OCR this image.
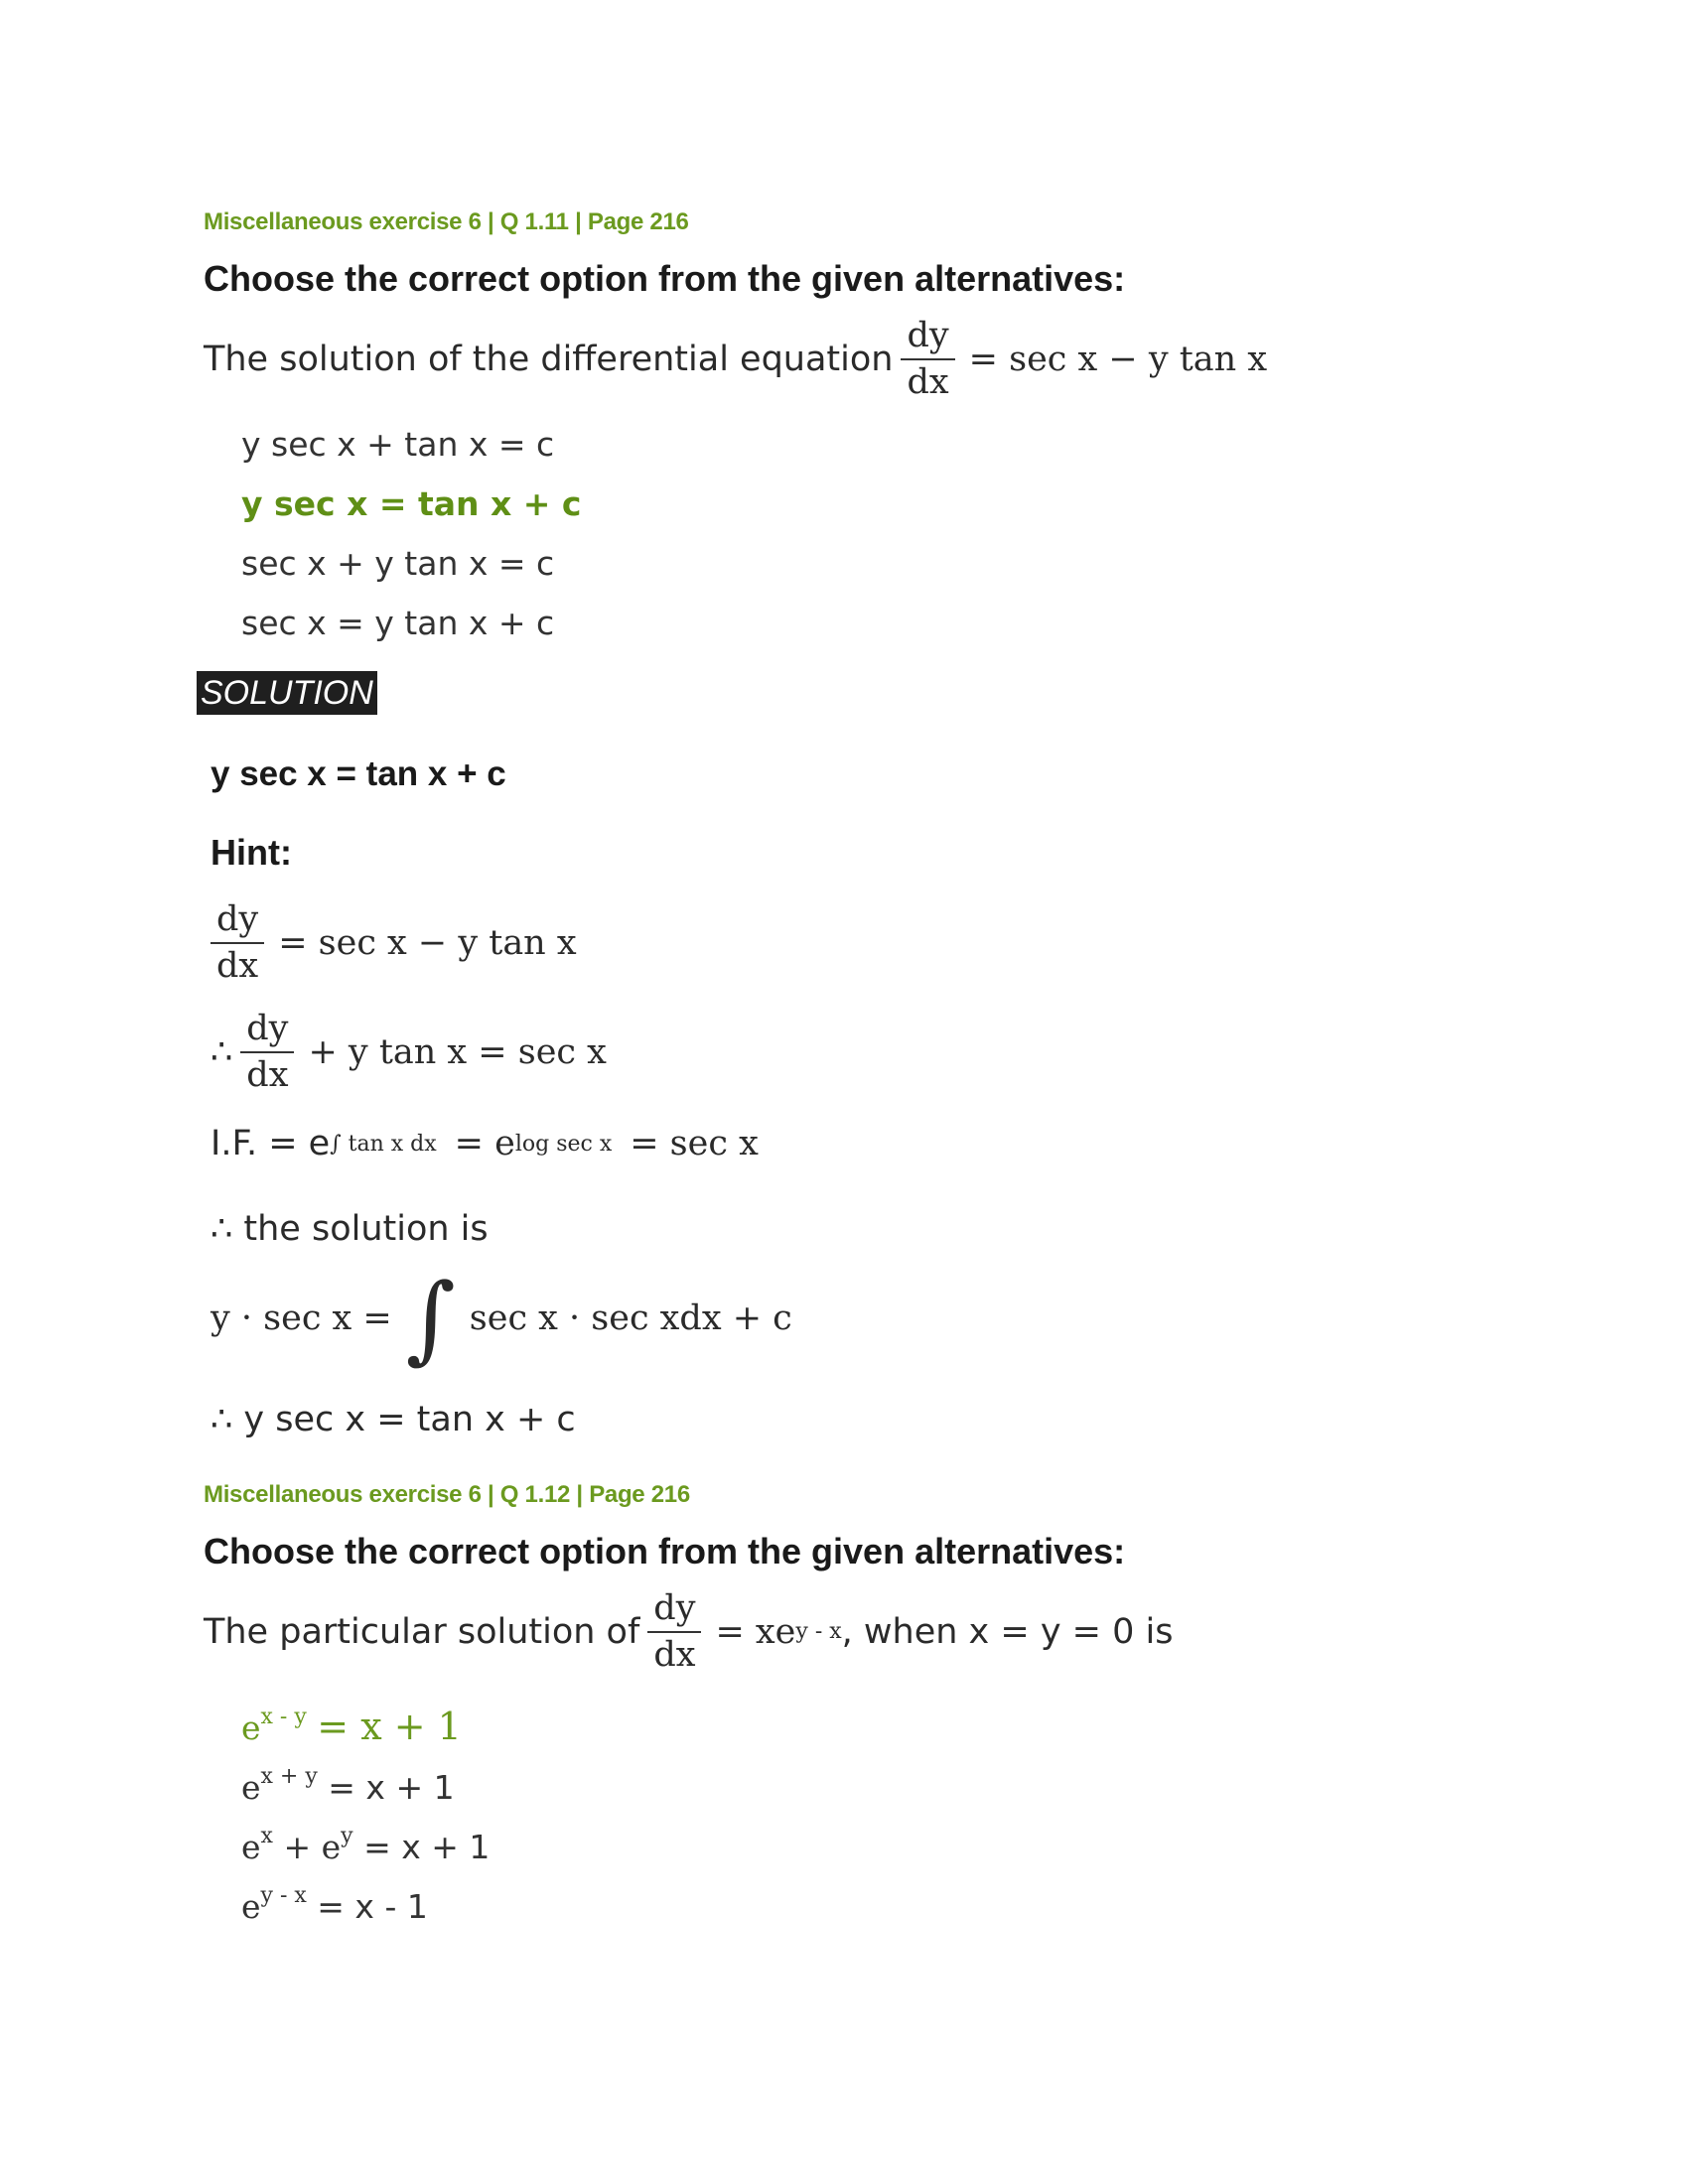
Miscellaneous exercise 6 | Q 1.11 | Page 216
Choose the correct option from the given alternatives:
The solution of the differential equation $\frac{dy}{dx} = \sec x - y$ tan x
y sec x + tan x = c
y sec x = tan x + c
sec x + y tan x = c
sec x = y tan x + c
SOLUTION
y sec x = tan x + c
Hint:
$\frac{dy}{dx} = \sec x - y$ tan x
∴ $\frac{dy}{dx} + y$ tan x = sec x
I.F. = e ∫ tan x dx = e log sec x = sec x
∴ the solution is
y · sec x = ∫ sec x · sec xdx + c
∴ y sec x = tan x + c
Miscellaneous exercise 6 | Q 1.12 | Page 216
Choose the correct option from the given alternatives:
The particular solution of $\frac{dy}{dx}$ = xe y - x , when x = y = 0 is
$e^{x - y} = x + 1$
$e^{x + y} = x + 1$
$e^x + e^y = x + 1$
$e^{y - x} = x - 1$
